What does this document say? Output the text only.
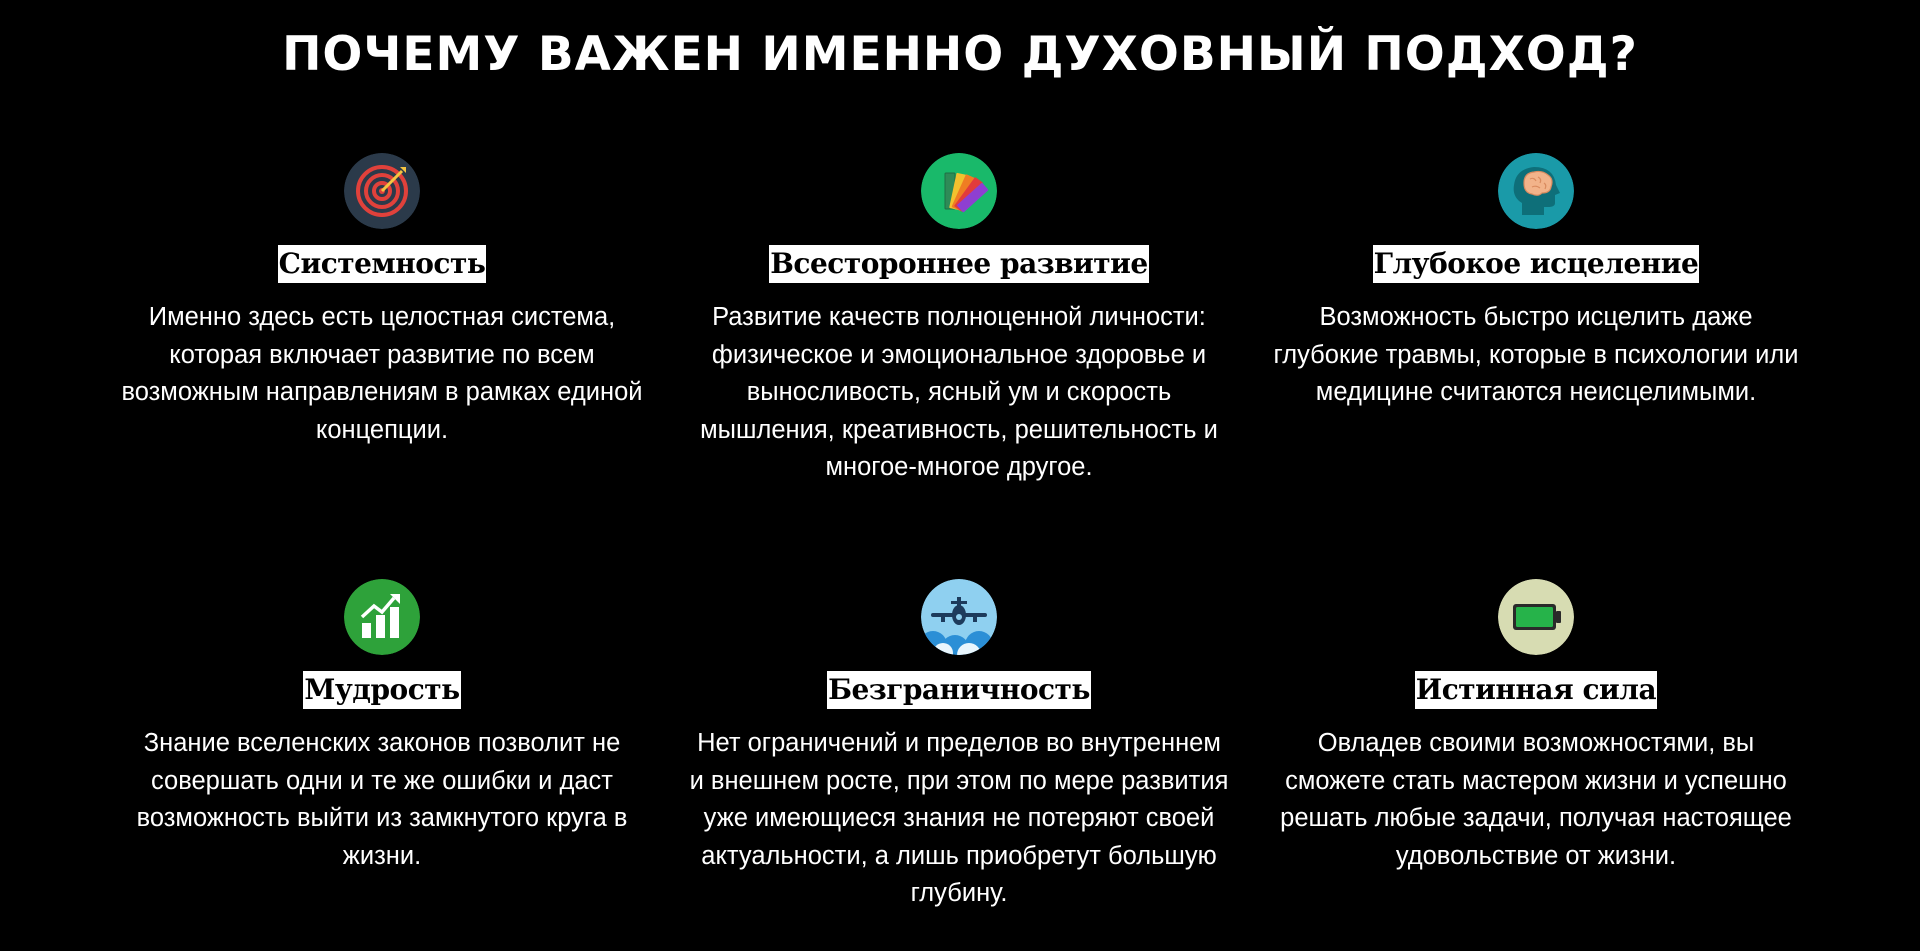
ПОЧЕМУ ВАЖЕН ИМЕННО ДУХОВНЫЙ ПОДХОД?
Системность
Именно здесь есть целостная система, которая включает развитие по всем возможным направлениям в рамках единой концепции.
Всестороннее развитие
Развитие качеств полноценной личности: физическое и эмоциональное здоровье и выносливость, ясный ум и скорость мышления, креативность, решительность и многое-многое другое.
Глубокое исцеление
Возможность быстро исцелить даже глубокие травмы, которые в психологии или медицине считаются неисцелимыми.
Мудрость
Знание вселенских законов позволит не совершать одни и те же ошибки и даст возможность выйти из замкнутого круга в жизни.
Безграничность
Нет ограничений и пределов во внутреннем и внешнем росте, при этом по мере развития уже имеющиеся знания не потеряют своей актуальности, а лишь приобретут большую глубину.
Истинная сила
Овладев своими возможностями, вы сможете стать мастером жизни и успешно решать любые задачи, получая настоящее удовольствие от жизни.
